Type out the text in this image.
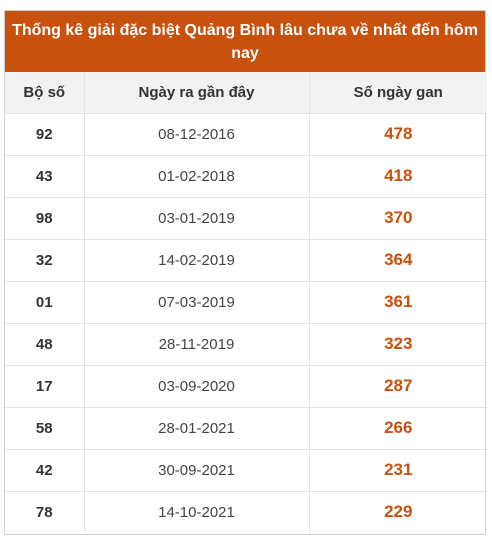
Thống kê giải đặc biệt Quảng Bình lâu chưa về nhất đến hôm nay
Bộ số	Ngày ra gần đây	Số ngày gan
92	08-12-2016	478
43	01-02-2018	418
98	03-01-2019	370
32	14-02-2019	364
01	07-03-2019	361
48	28-11-2019	323
17	03-09-2020	287
58	28-01-2021	266
42	30-09-2021	231
78	14-10-2021	229
